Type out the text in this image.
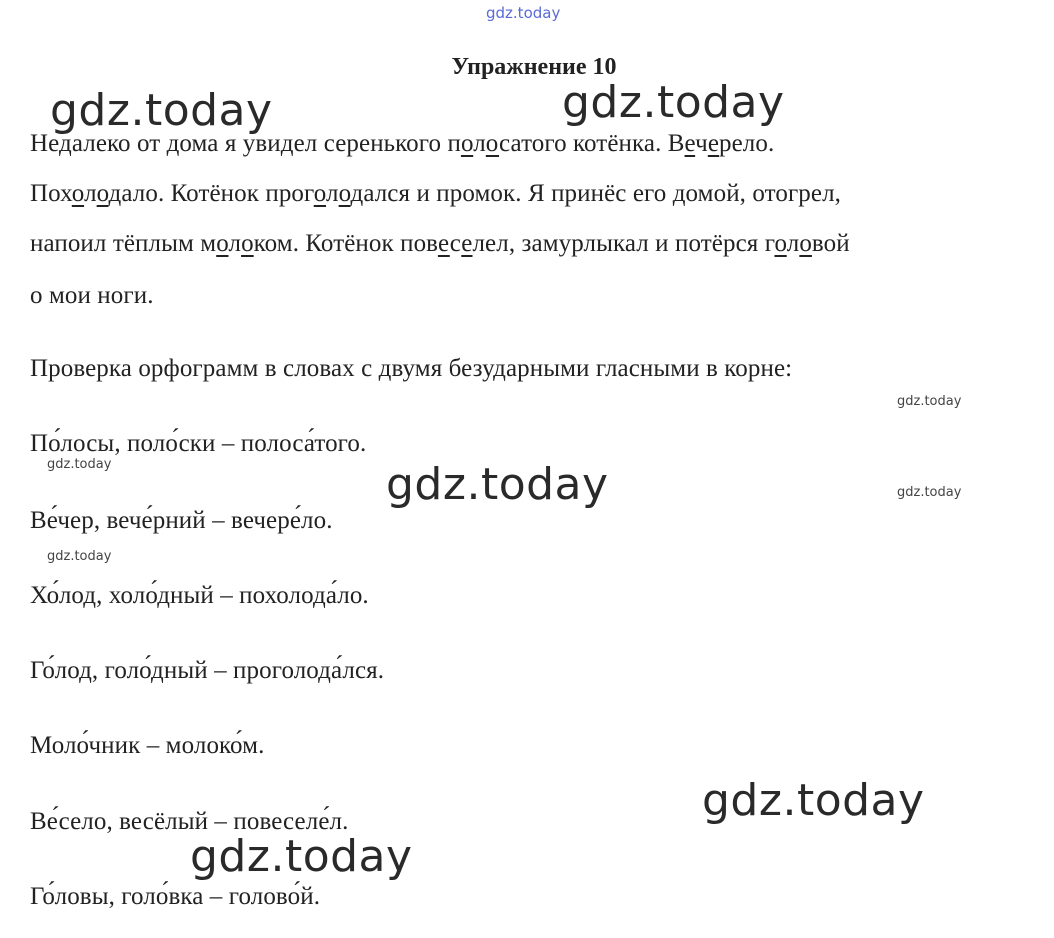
gdz.today
gdz.today	gdz.today
gdz.today
gdz.today	gdz.today	gdz.today
gdz.today
gdz.today
gdz.today
Упражнение 10
Недалеко от дома я увидел серенького полосатого котёнка. Вечерело.
Похолодало. Котёнок проголодался и промок. Я принёс его домой, отогрел,
напоил тёплым молоком. Котёнок повеселел, замурлыкал и потёрся головой
о мои ноги.
Проверка орфограмм в словах с двумя безударными гласными в корне:
По́лосы, поло́ски – полоса́того.
Ве́чер, вече́рний – вечере́ло.
Хо́лод, холо́дный – похолода́ло.
Го́лод, голо́дный – проголода́лся.
Моло́чник – молоко́м.
Ве́село, весёлый – повеселе́л.
Го́ловы, голо́вка – голово́й.
